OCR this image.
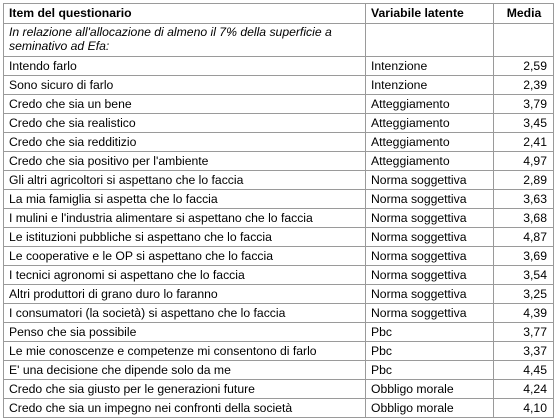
Item del questionario	Variabile latente	Media
In relazione all'allocazione di almeno il 7% della superficie a seminativo ad Efa:		
Intendo farlo	Intenzione	2,59
Sono sicuro di farlo	Intenzione	2,39
Credo che sia un bene	Atteggiamento	3,79
Credo che sia realistico	Atteggiamento	3,45
Credo che sia redditizio	Atteggiamento	2,41
Credo che sia positivo per l'ambiente	Atteggiamento	4,97
Gli altri agricoltori si aspettano che lo faccia	Norma soggettiva	2,89
La mia famiglia si aspetta che lo faccia	Norma soggettiva	3,63
I mulini e l'industria alimentare si aspettano che lo faccia	Norma soggettiva	3,68
Le istituzioni pubbliche si aspettano che lo faccia	Norma soggettiva	4,87
Le cooperative e le OP si aspettano che lo faccia	Norma soggettiva	3,69
I tecnici agronomi si aspettano che lo faccia	Norma soggettiva	3,54
Altri produttori di grano duro lo faranno	Norma soggettiva	3,25
I consumatori (la società) si aspettano che lo faccia	Norma soggettiva	4,39
Penso che sia possibile	Pbc	3,77
Le mie conoscenze e competenze mi consentono di farlo	Pbc	3,37
E' una decisione che dipende solo da me	Pbc	4,45
Credo che sia giusto per le generazioni future	Obbligo morale	4,24
Credo che sia un impegno nei confronti della società	Obbligo morale	4,10
